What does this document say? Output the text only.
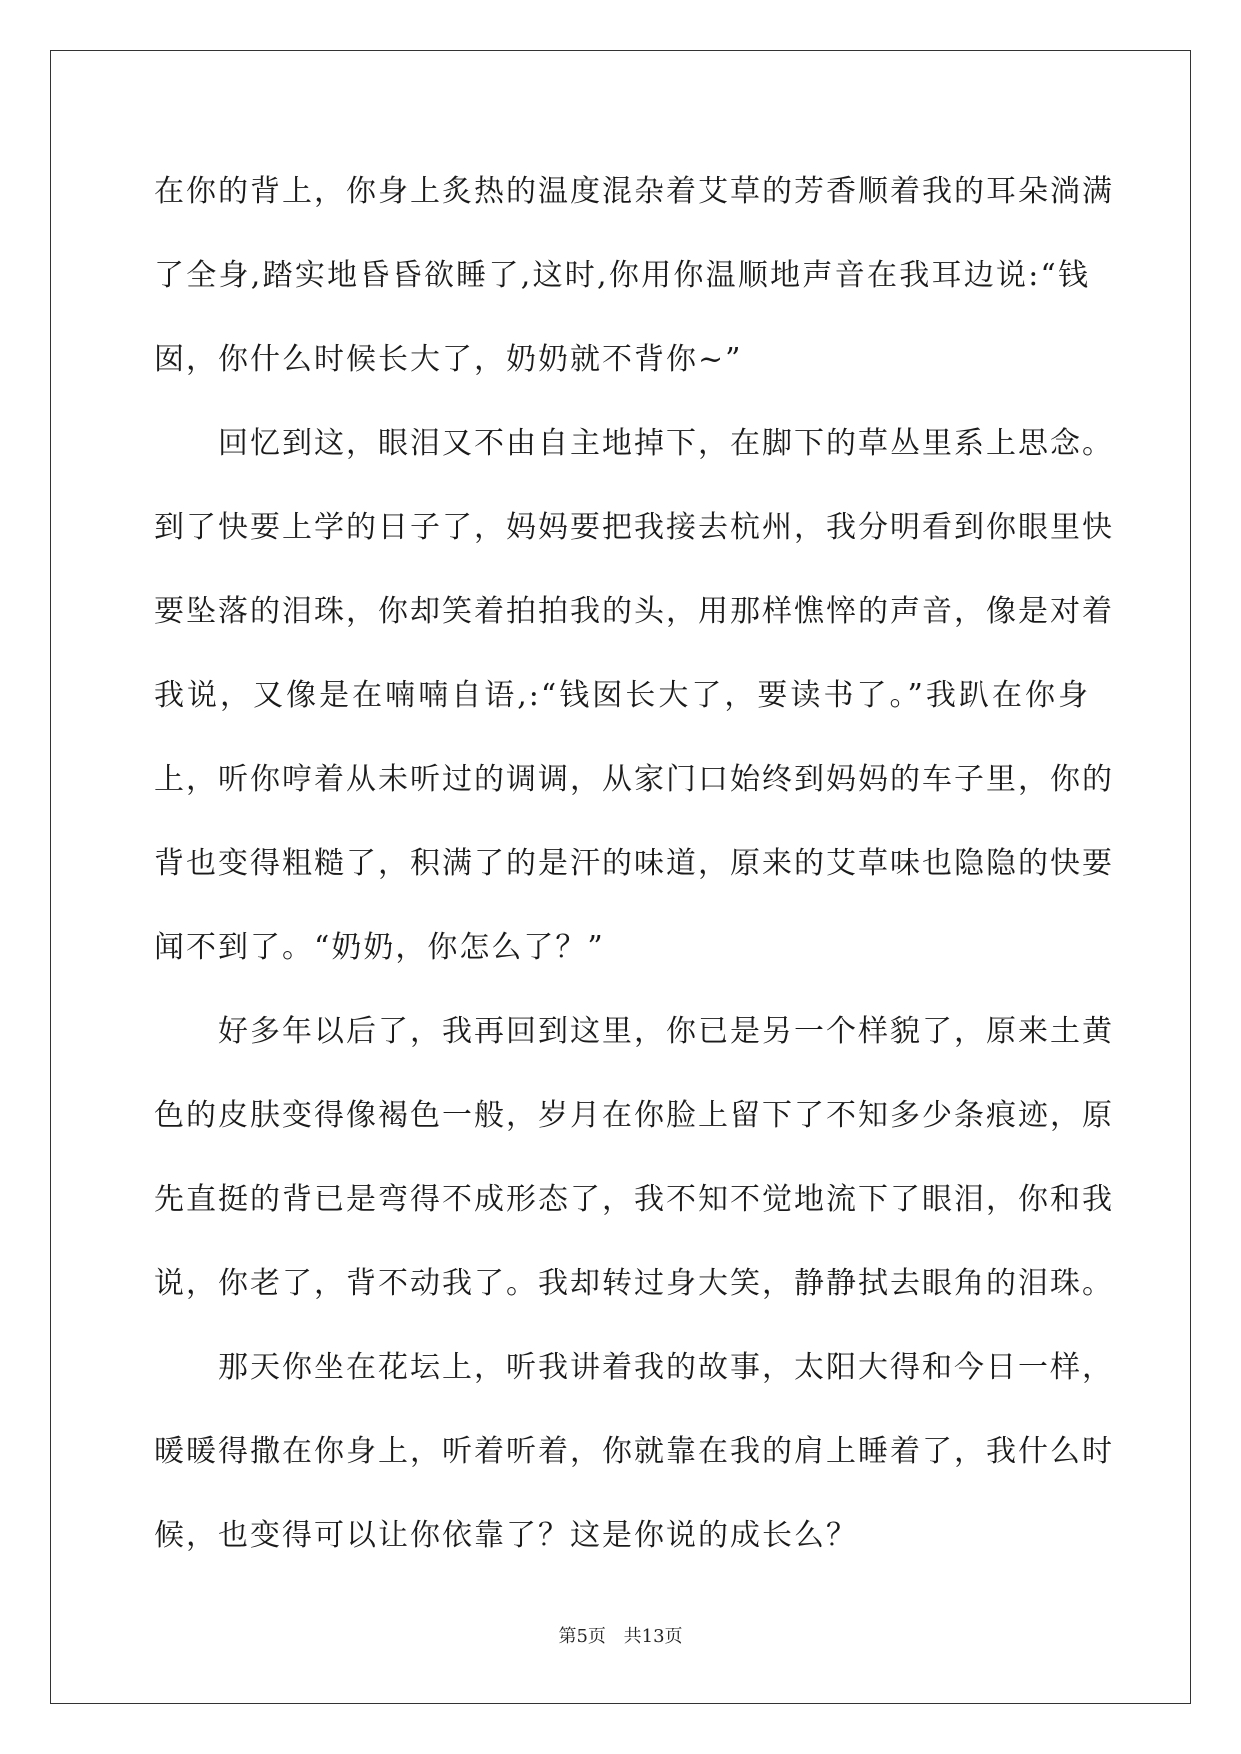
在你的背上，你身上炙热的温度混杂着艾草的芳香顺着我的耳朵淌满
了全身,踏实地昏昏欲睡了,这时,你用你温顺地声音在我耳边说:“钱
囡，你什么时候长大了，奶奶就不背你~”
回忆到这，眼泪又不由自主地掉下，在脚下的草丛里系上思念。
到了快要上学的日子了，妈妈要把我接去杭州，我分明看到你眼里快
要坠落的泪珠，你却笑着拍拍我的头，用那样憔悴的声音，像是对着
我说，又像是在喃喃自语,:“钱囡长大了，要读书了。”我趴在你身
上，听你哼着从未听过的调调，从家门口始终到妈妈的车子里，你的
背也变得粗糙了，积满了的是汗的味道，原来的艾草味也隐隐的快要
闻不到了。“奶奶，你怎么了？”
好多年以后了，我再回到这里，你已是另一个样貌了，原来土黄
色的皮肤变得像褐色一般，岁月在你脸上留下了不知多少条痕迹，原
先直挺的背已是弯得不成形态了，我不知不觉地流下了眼泪，你和我
说，你老了，背不动我了。我却转过身大笑，静静拭去眼角的泪珠。
那天你坐在花坛上，听我讲着我的故事，太阳大得和今日一样，
暖暖得撒在你身上，听着听着，你就靠在我的肩上睡着了，我什么时
候，也变得可以让你依靠了？这是你说的成长么？
第5页 共13页
